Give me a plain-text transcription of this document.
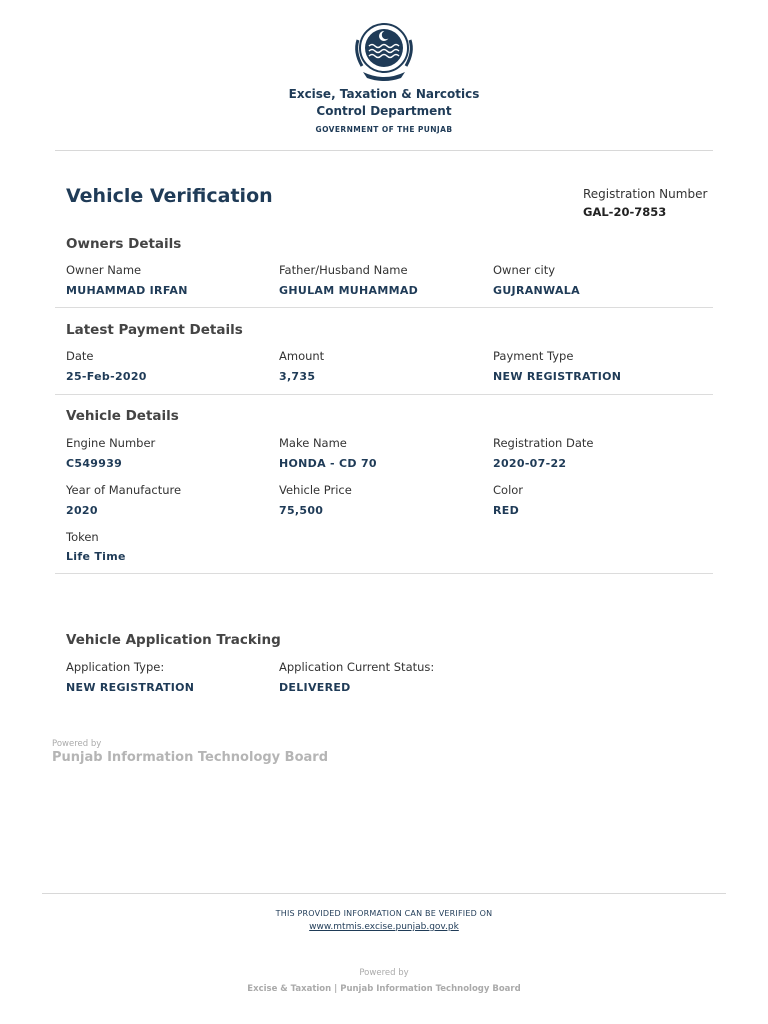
Excise, Taxation & Narcotics
Control Department
GOVERNMENT OF THE PUNJAB
Vehicle Verification	Registration Number
GAL-20-7853
Owners Details
Owner Name
MUHAMMAD IRFAN
Father/Husband Name
GHULAM MUHAMMAD
Owner city
GUJRANWALA
Latest Payment Details
Date
25-Feb-2020
Amount
3,735
Payment Type
NEW REGISTRATION
Vehicle Details
Engine Number
C549939
Make Name
HONDA - CD 70
Registration Date
2020-07-22
Year of Manufacture
2020
Vehicle Price
75,500
Color
RED
Token
Life Time
Vehicle Application Tracking
Application Type:
NEW REGISTRATION
Application Current Status:
DELIVERED
Powered by
Punjab Information Technology Board
THIS PROVIDED INFORMATION CAN BE VERIFIED ON
www.mtmis.excise.punjab.gov.pk
Powered by
Excise & Taxation | Punjab Information Technology Board
